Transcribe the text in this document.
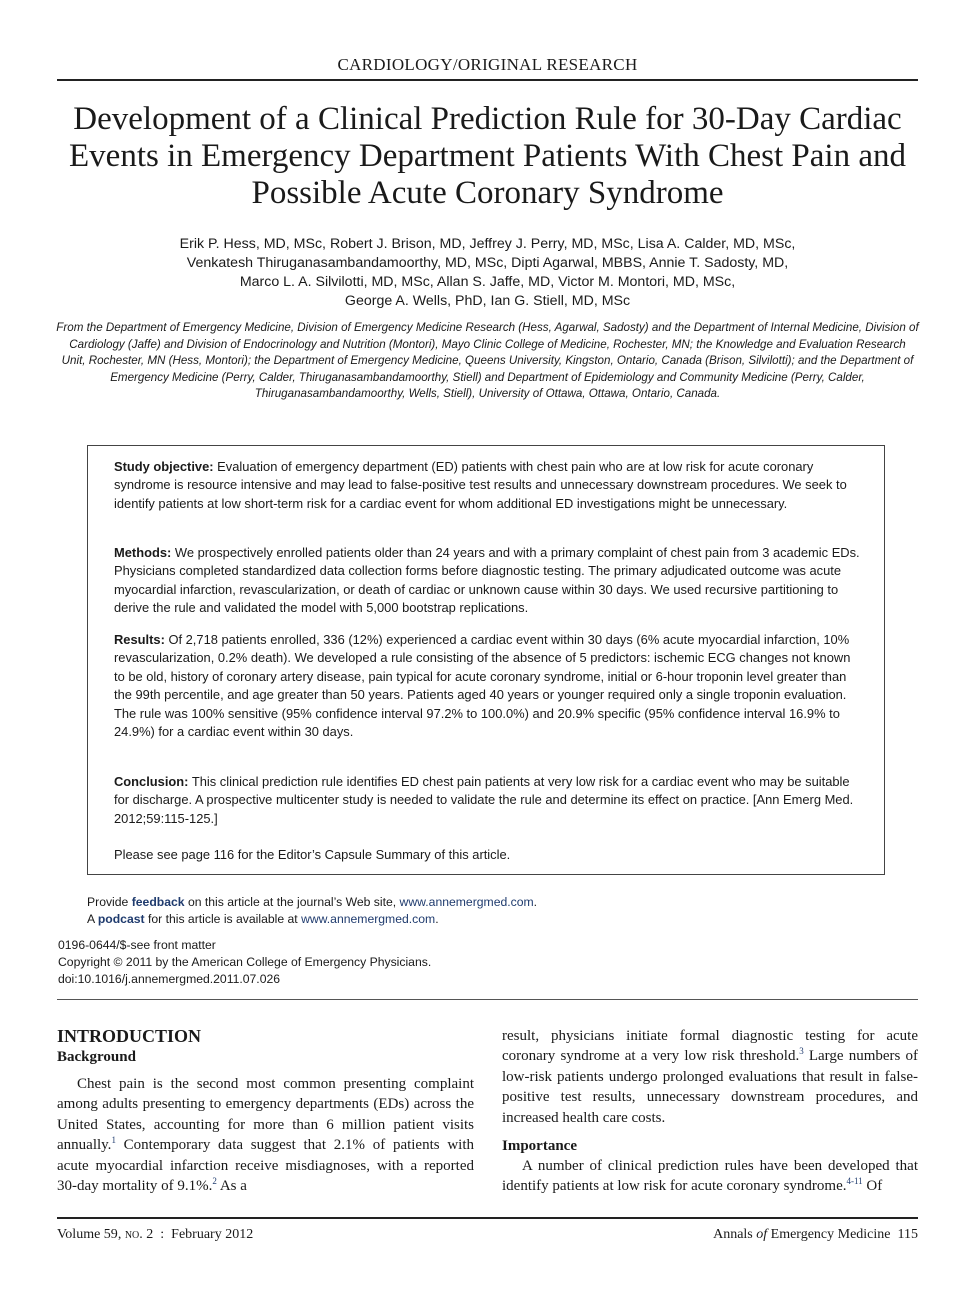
CARDIOLOGY/ORIGINAL RESEARCH
Development of a Clinical Prediction Rule for 30-Day Cardiac
Events in Emergency Department Patients With Chest Pain and
Possible Acute Coronary Syndrome
Erik P. Hess, MD, MSc, Robert J. Brison, MD, Jeffrey J. Perry, MD, MSc, Lisa A. Calder, MD, MSc,
Venkatesh Thiruganasambandamoorthy, MD, MSc, Dipti Agarwal, MBBS, Annie T. Sadosty, MD,
Marco L. A. Silvilotti, MD, MSc, Allan S. Jaffe, MD, Victor M. Montori, MD, MSc,
George A. Wells, PhD, Ian G. Stiell, MD, MSc
From the Department of Emergency Medicine, Division of Emergency Medicine Research (Hess, Agarwal, Sadosty) and the Department of Internal Medicine, Division of Cardiology (Jaffe) and Division of Endocrinology and Nutrition (Montori), Mayo Clinic College of Medicine, Rochester, MN; the Knowledge and Evaluation Research Unit, Rochester, MN (Hess, Montori); the Department of Emergency Medicine, Queens University, Kingston, Ontario, Canada (Brison, Silvilotti); and the Department of Emergency Medicine (Perry, Calder, Thiruganasambandamoorthy, Stiell) and Department of Epidemiology and Community Medicine (Perry, Calder, Thiruganasambandamoorthy, Wells, Stiell), University of Ottawa, Ottawa, Ontario, Canada.
Study objective: Evaluation of emergency department (ED) patients with chest pain who are at low risk for acute coronary syndrome is resource intensive and may lead to false-positive test results and unnecessary downstream procedures. We seek to identify patients at low short-term risk for a cardiac event for whom additional ED investigations might be unnecessary.
Methods: We prospectively enrolled patients older than 24 years and with a primary complaint of chest pain from 3 academic EDs. Physicians completed standardized data collection forms before diagnostic testing. The primary adjudicated outcome was acute myocardial infarction, revascularization, or death of cardiac or unknown cause within 30 days. We used recursive partitioning to derive the rule and validated the model with 5,000 bootstrap replications.
Results: Of 2,718 patients enrolled, 336 (12%) experienced a cardiac event within 30 days (6% acute myocardial infarction, 10% revascularization, 0.2% death). We developed a rule consisting of the absence of 5 predictors: ischemic ECG changes not known to be old, history of coronary artery disease, pain typical for acute coronary syndrome, initial or 6-hour troponin level greater than the 99th percentile, and age greater than 50 years. Patients aged 40 years or younger required only a single troponin evaluation. The rule was 100% sensitive (95% confidence interval 97.2% to 100.0%) and 20.9% specific (95% confidence interval 16.9% to 24.9%) for a cardiac event within 30 days.
Conclusion: This clinical prediction rule identifies ED chest pain patients at very low risk for a cardiac event who may be suitable for discharge. A prospective multicenter study is needed to validate the rule and determine its effect on practice. [Ann Emerg Med. 2012;59:115-125.]
Please see page 116 for the Editor’s Capsule Summary of this article.
Provide feedback on this article at the journal’s Web site, www.annemergmed.com.
A podcast for this article is available at www.annemergmed.com.
0196-0644/$-see front matter
Copyright © 2011 by the American College of Emergency Physicians.
doi:10.1016/j.annemergmed.2011.07.026
INTRODUCTION
Background
Chest pain is the second most common presenting complaint among adults presenting to emergency departments (EDs) across the United States, accounting for more than 6 million patient visits annually.$^1$ Contemporary data suggest that 2.1% of patients with acute myocardial infarction receive misdiagnoses, with a reported 30-day mortality of 9.1%.$^2$ As a
result, physicians initiate formal diagnostic testing for acute coronary syndrome at a very low risk threshold.$^3$ Large numbers of low-risk patients undergo prolonged evaluations that result in false-positive test results, unnecessary downstream procedures, and increased health care costs.
Importance
A number of clinical prediction rules have been developed that identify patients at low risk for acute coronary syndrome.$^{4-11}$ Of
Volume 59, no. 2 : February 2012	Annals of Emergency Medicine 115
